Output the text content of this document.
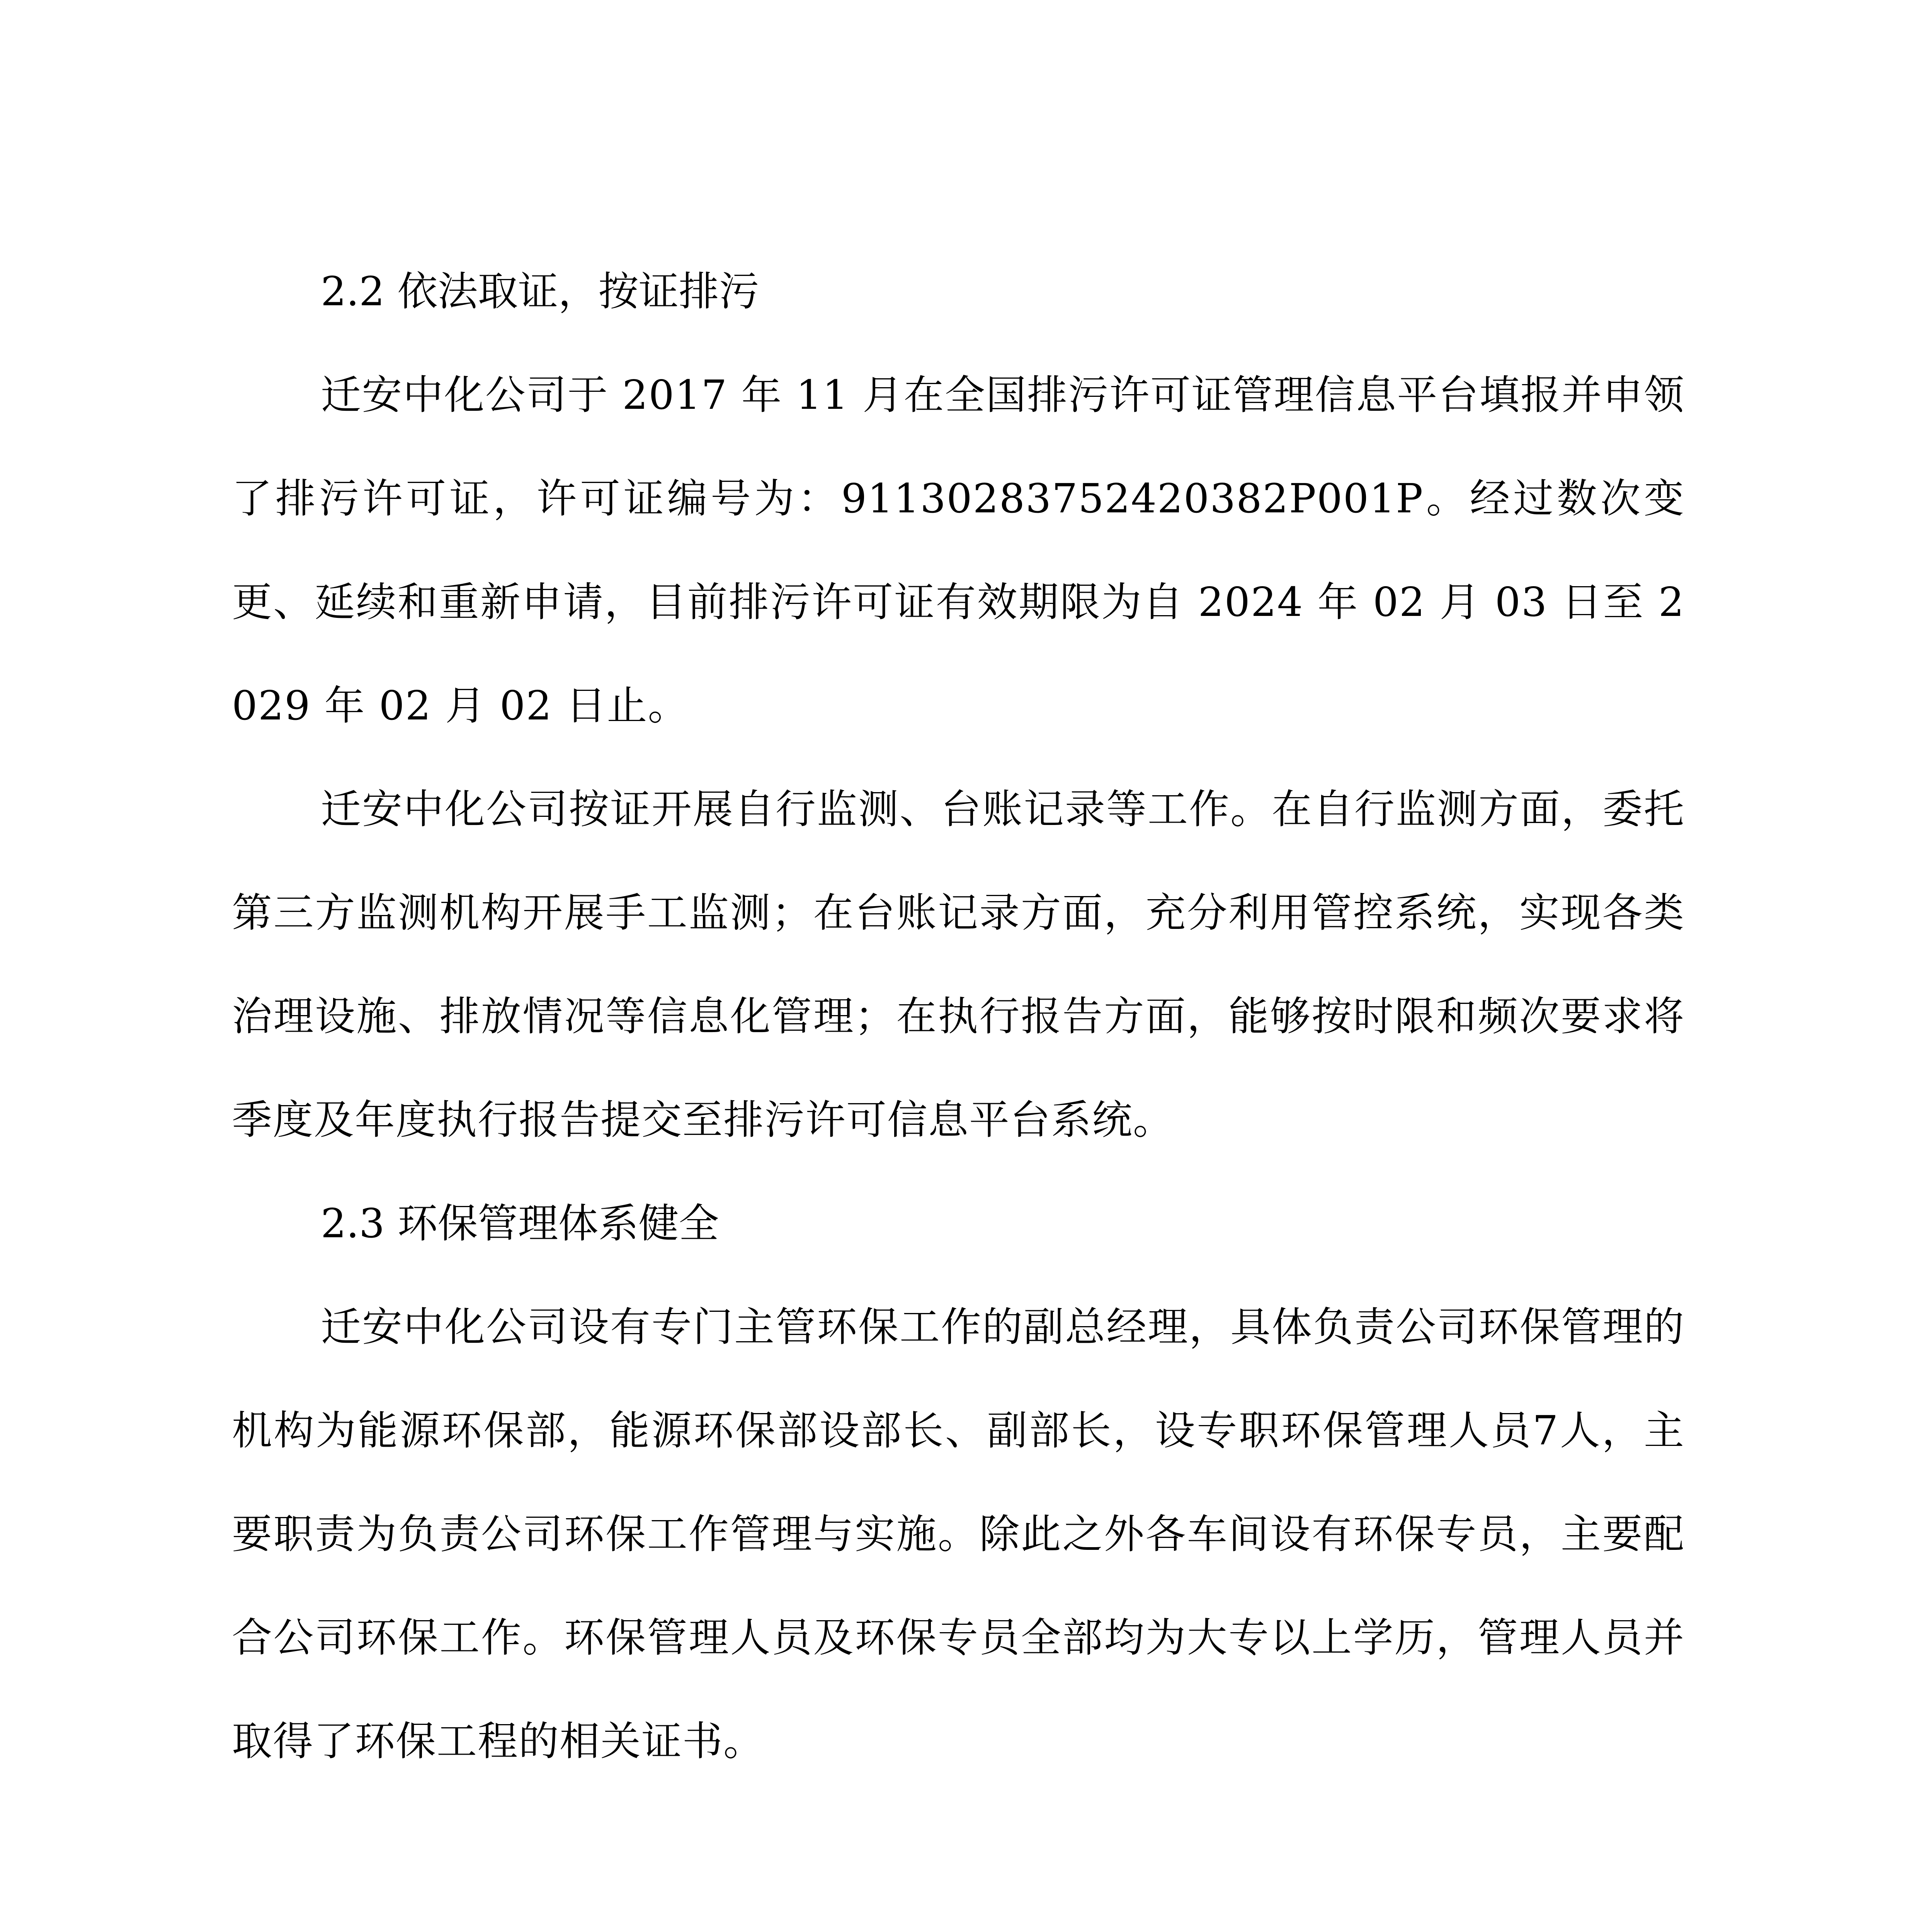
2.2 依法取证，按证排污

迁安中化公司于 2017 年 11 月在全国排污许可证管理信息平台填报并申领了排污许可证，许可证编号为：91130283752420382P001P。经过数次变更、延续和重新申请，目前排污许可证有效期限为自 2024 年 02 月 03 日至 2029 年 02 月 02 日止。

迁安中化公司按证开展自行监测、台账记录等工作。在自行监测方面，委托第三方监测机构开展手工监测；在台账记录方面，充分利用管控系统，实现各类治理设施、排放情况等信息化管理；在执行报告方面，能够按时限和频次要求将季度及年度执行报告提交至排污许可信息平台系统。

2.3 环保管理体系健全

迁安中化公司设有专门主管环保工作的副总经理，具体负责公司环保管理的机构为能源环保部，能源环保部设部长、副部长，设专职环保管理人员7人，主要职责为负责公司环保工作管理与实施。除此之外各车间设有环保专员，主要配合公司环保工作。环保管理人员及环保专员全部均为大专以上学历，管理人员并取得了环保工程的相关证书。
